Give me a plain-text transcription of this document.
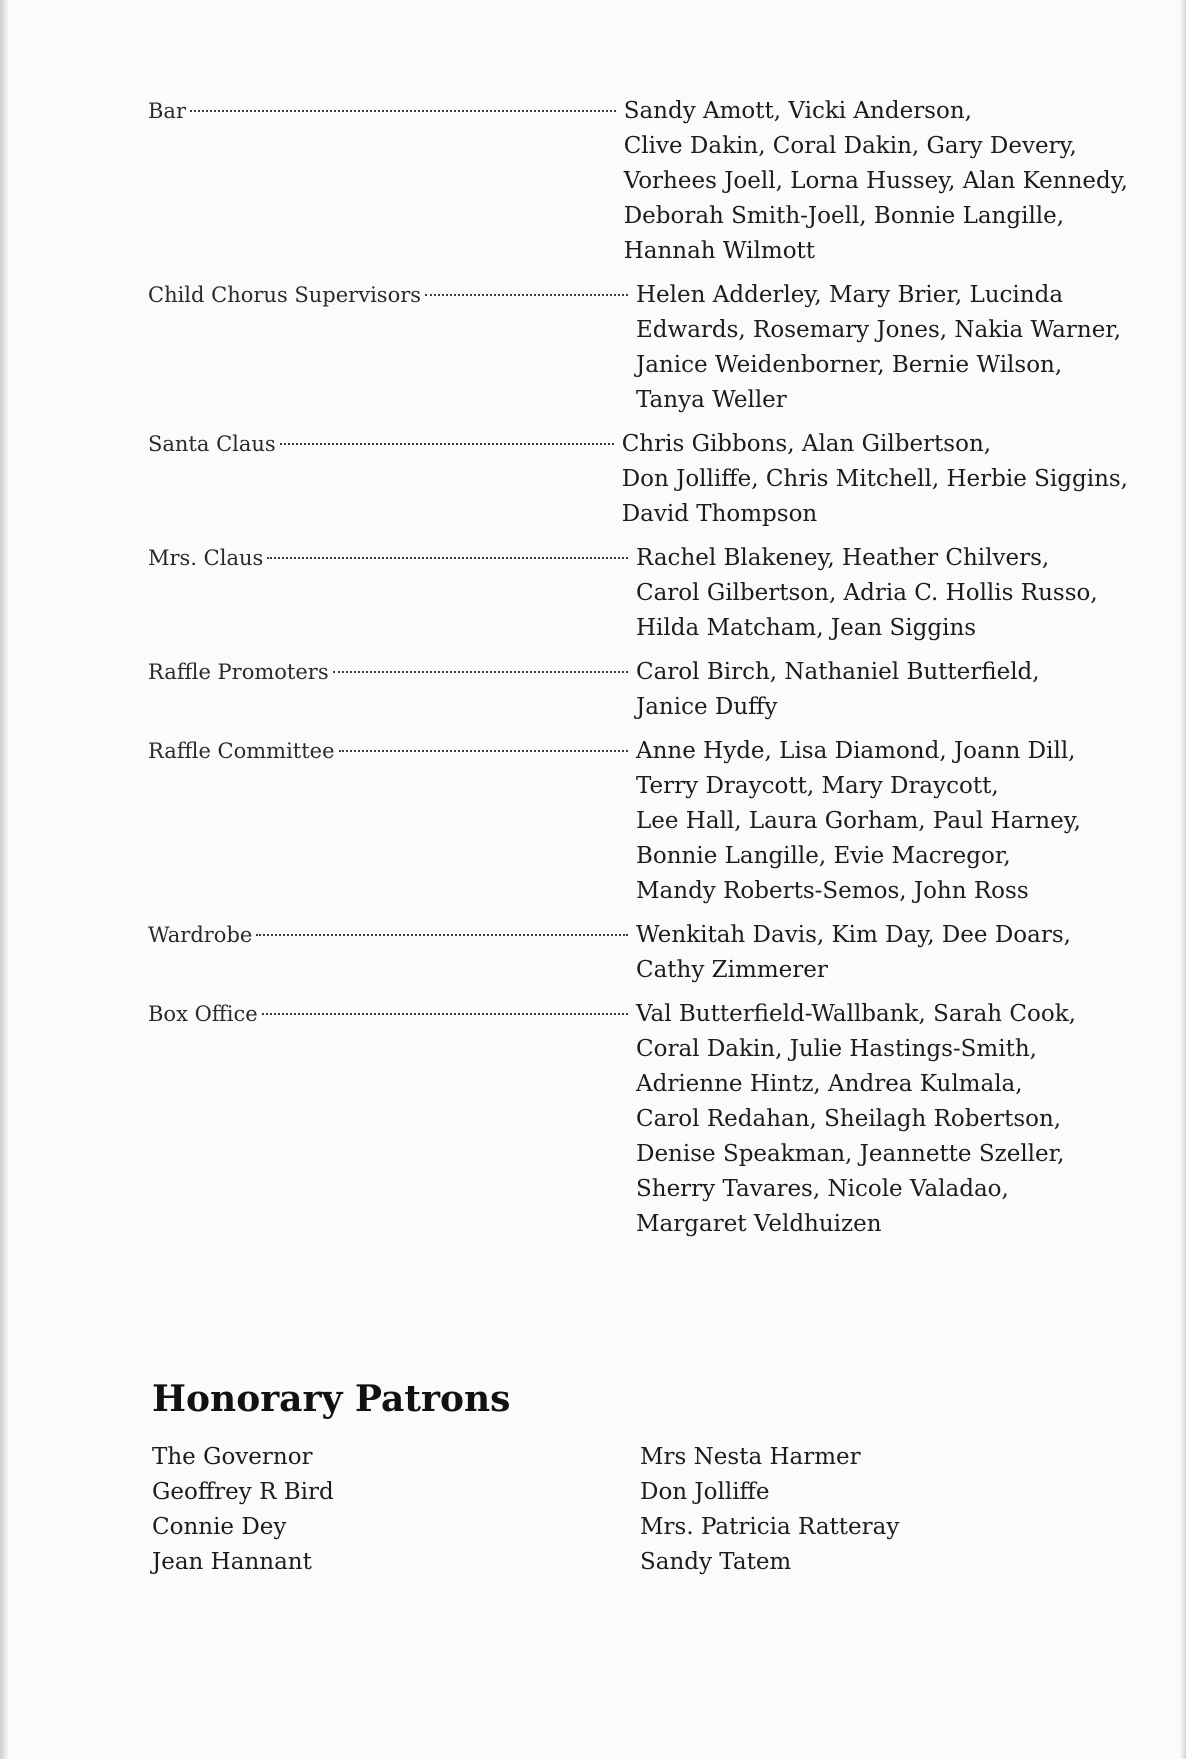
Bar	Sandy Amott, Vicki Anderson,
Clive Dakin, Coral Dakin, Gary Devery,
Vorhees Joell, Lorna Hussey, Alan Kennedy,
Deborah Smith-Joell, Bonnie Langille,
Hannah Wilmott
Child Chorus Supervisors	Helen Adderley, Mary Brier, Lucinda
Edwards, Rosemary Jones, Nakia Warner,
Janice Weidenborner, Bernie Wilson,
Tanya Weller
Santa Claus	Chris Gibbons, Alan Gilbertson,
Don Jolliffe, Chris Mitchell, Herbie Siggins,
David Thompson
Mrs. Claus	Rachel Blakeney, Heather Chilvers,
Carol Gilbertson, Adria C. Hollis Russo,
Hilda Matcham, Jean Siggins
Raffle Promoters	Carol Birch, Nathaniel Butterfield,
Janice Duffy
Raffle Committee	Anne Hyde, Lisa Diamond, Joann Dill,
Terry Draycott, Mary Draycott,
Lee Hall, Laura Gorham, Paul Harney,
Bonnie Langille, Evie Macregor,
Mandy Roberts-Semos, John Ross
Wardrobe	Wenkitah Davis, Kim Day, Dee Doars,
Cathy Zimmerer
Box Office	Val Butterfield-Wallbank, Sarah Cook,
Coral Dakin, Julie Hastings-Smith,
Adrienne Hintz, Andrea Kulmala,
Carol Redahan, Sheilagh Robertson,
Denise Speakman, Jeannette Szeller,
Sherry Tavares, Nicole Valadao,
Margaret Veldhuizen
Honorary Patrons
The Governor
Geoffrey R Bird
Connie Dey
Jean Hannant
Mrs Nesta Harmer
Don Jolliffe
Mrs. Patricia Ratteray
Sandy Tatem
